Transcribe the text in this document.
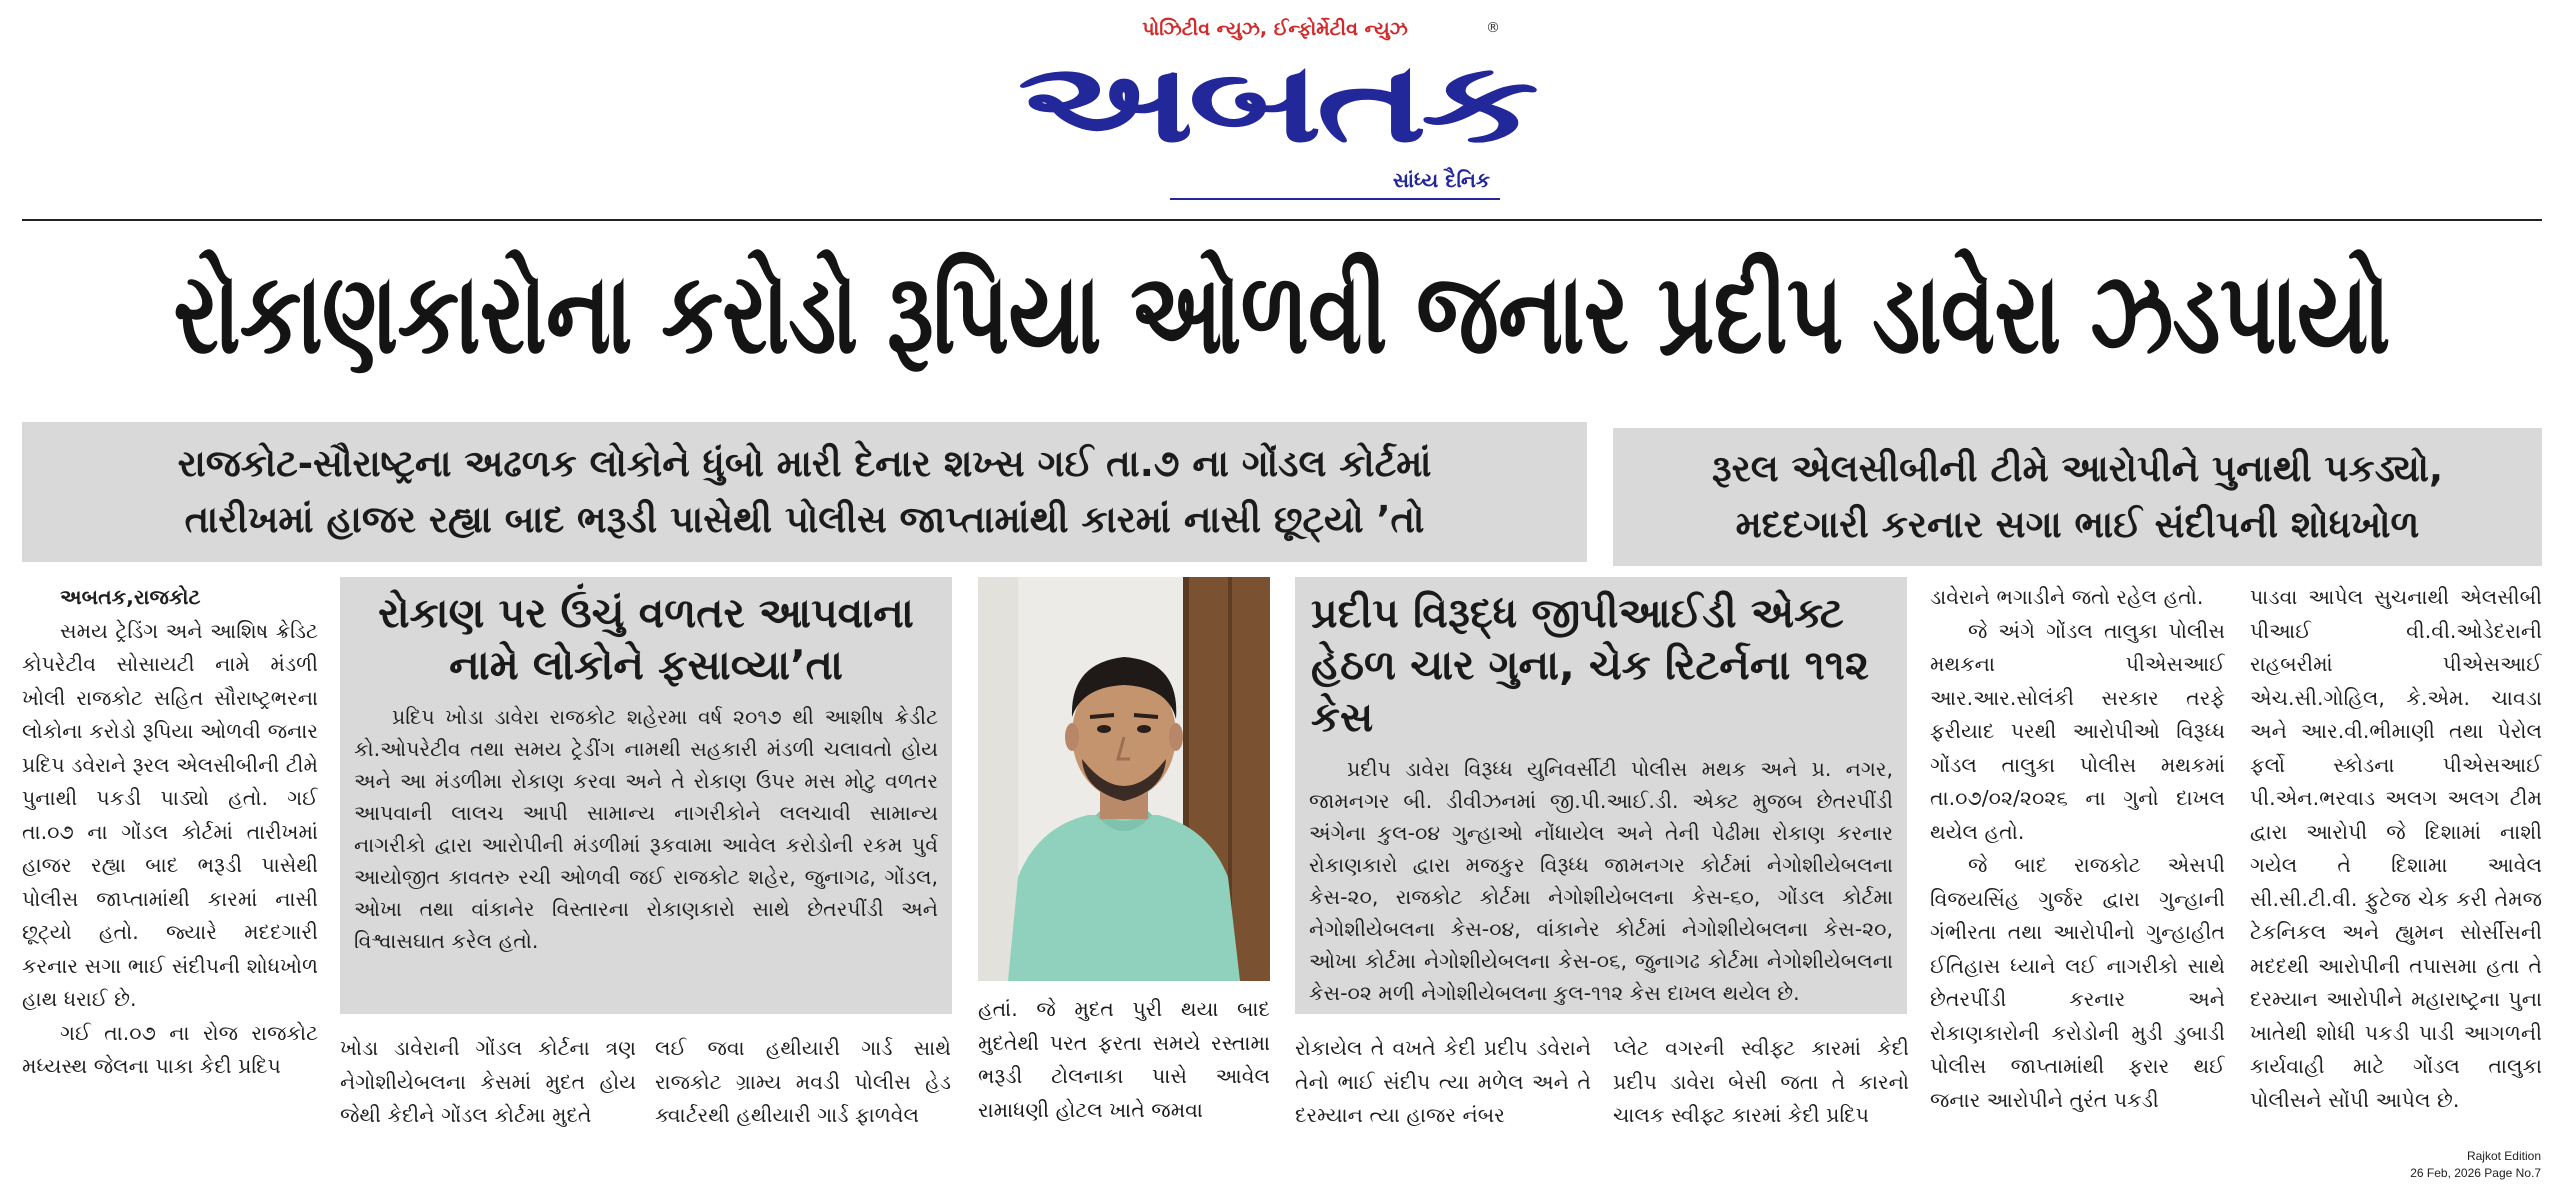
પોઝિટીવ ન્યુઝ, ઈન્ફોર્મેટીવ ન્યુઝ	®
અબતક
સાંધ્ય દૈનિક
રોકાણકારોના કરોડો રૂપિયા ઓળવી જનાર પ્રદીપ ડાવેરા ઝડપાયો
રાજકોટ-સૌરાષ્ટ્રના અઢળક લોકોને ધુંબો મારી દેનાર શખ્સ ગઈ તા.૭ ના ગોંડલ કોર્ટમાં
તારીખમાં હાજર રહ્યા બાદ ભરૂડી પાસેથી પોલીસ જાપ્તામાંથી કારમાં નાસી છૂટ્યો ’તો
રૂરલ એલસીબીની ટીમે આરોપીને પુનાથી પકડ્યો,
મદદગારી કરનાર સગા ભાઈ સંદીપની શોધખોળ

અબતક,રાજકોટ

સમય ટ્રેડિંગ અને આશિષ ક્રેડિટ કોપરેટીવ સોસાયટી નામે મંડળી ખોલી રાજકોટ સહિત સૌરાષ્ટ્રભરના લોકોના કરોડો રૂપિયા ઓળવી જનાર પ્રદિપ ડવેરાને રૂરલ એલસીબીની ટીમે પુનાથી પકડી પાડ્યો હતો. ગઈ તા.૦૭ ના ગોંડલ કોર્ટમાં તારીખમાં હાજર રહ્યા બાદ ભરૂડી પાસેથી પોલીસ જાપ્તામાંથી કારમાં નાસી છૂટ્યો હતો. જ્યારે મદદગારી કરનાર સગા ભાઈ સંદીપની શોધખોળ હાથ ધરાઈ છે.

ગઈ તા.૦૭ ના રોજ રાજકોટ મધ્યસ્થ જેલના પાકા કેદી પ્રદિપ

રોકાણ પર ઉંચું વળતર આપવાના નામે લોકોને ફસાવ્યા’તા
પ્રદિપ ખોડા ડાવેરા રાજકોટ શહેરમા વર્ષ ૨૦૧૭ થી આશીષ ક્રેડીટ કો.ઓપરેટીવ તથા સમય ટ્રેડીંગ નામથી સહકારી મંડળી ચલાવતો હોય અને આ મંડળીમા રોકાણ કરવા અને તે રોકાણ ઉપર મસ મોટુ વળતર આપવાની લાલચ આપી સામાન્ય નાગરીકોને લલચાવી સામાન્ય નાગરીકો દ્વારા આરોપીની મંડળીમાં રૂકવામા આવેલ કરોડોની રકમ પુર્વ આયોજીત કાવતરુ રચી ઓળવી જઈ રાજકોટ શહેર, જુનાગઢ, ગોંડલ, ઓખા તથા વાંકાનેર વિસ્તારના રોકાણકારો સાથે છેતરપીંડી અને વિશ્વાસઘાત કરેલ હતો.

ખોડા ડાવેરાની ગોંડલ કોર્ટના ત્રણ નેગોશીયેબલના કેસમાં મુદત હોય જેથી કેદીને ગોંડલ કોર્ટમા મુદતે

લઈ જવા હથીયારી ગાર્ડ સાથે રાજકોટ ગ્રામ્ય મવડી પોલીસ હેડ ક્વાર્ટરથી હથીયારી ગાર્ડ ફાળવેલ

હતાં. જે મુદત પુરી થયા બાદ મુદતેથી પરત ફરતા સમયે રસ્તામા ભરૂડી ટોલનાકા પાસે આવેલ રામાધણી હોટલ ખાતે જમવા

પ્રદીપ વિરૂદ્ધ જીપીઆઈડી એક્ટ હેઠળ ચાર ગુના, ચેક રિટર્નના ૧૧૨ કેસ
પ્રદીપ ડાવેરા વિરૂધ્ધ યુનિવર્સીટી પોલીસ મથક અને પ્ર. નગર, જામનગર બી. ડીવીઝનમાં જી.પી.આઈ.ડી. એક્ટ મુજબ છેતરપીંડી અંગેના કુલ-૦૪ ગુન્હાઓ નોંધાયેલ અને તેની પેઢીમા રોકાણ કરનાર રોકાણકારો દ્વારા મજકુર વિરૂધ્ધ જામનગર કોર્ટમાં નેગોશીયેબલના કેસ-૨૦, રાજકોટ કોર્ટમા નેગોશીયેબલના કેસ-૬૦, ગોંડલ કોર્ટમા નેગોશીયેબલના કેસ-૦૪, વાંકાનેર કોર્ટમાં નેગોશીયેબલના કેસ-૨૦, ઓખા કોર્ટમા નેગોશીયેબલના કેસ-૦૬, જુનાગઢ કોર્ટમા નેગોશીયેબલના કેસ-૦૨ મળી નેગોશીયેબલના કુલ-૧૧૨ કેસ દાખલ થયેલ છે.

રોકાયેલ તે વખતે કેદી પ્રદીપ ડવેરાને તેનો ભાઈ સંદીપ ત્યા મળેલ અને તે દરમ્યાન ત્યા હાજર નંબર

પ્લેટ વગરની સ્વીફ્ટ કારમાં કેદી પ્રદીપ ડાવેરા બેસી જતા તે કારનો ચાલક સ્વીફ્ટ કારમાં કેદી પ્રદિપ

ડાવેરાને ભગાડીને જતો રહેલ હતો.

જે અંગે ગોંડલ તાલુકા પોલીસ મથકના પીએસઆઈ આર.આર.સોલંકી સરકાર તરફે ફરીયાદ પરથી આરોપીઓ વિરૂધ્ધ ગોંડલ તાલુકા પોલીસ મથકમાં તા.૦૭/૦૨/૨૦૨૬ ના ગુનો દાખલ થયેલ હતો.

જે બાદ રાજકોટ એસપી વિજયસિંહ ગુર્જર દ્વારા ગુન્હાની ગંભીરતા તથા આરોપીનો ગુન્હાહીત ઈતિહાસ ધ્યાને લઈ નાગરીકો સાથે છેતરપીંડી કરનાર અને રોકાણકારોની કરોડોની મુડી ડુબાડી પોલીસ જાપ્તામાંથી ફરાર થઈ જનાર આરોપીને તુરંત પકડી

પાડવા આપેલ સુચનાથી એલસીબી પીઆઈ વી.વી.ઓડેદરાની રાહબરીમાં પીએસઆઈ એચ.સી.ગોહિલ, કે.એમ. ચાવડા અને આર.વી.ભીમાણી તથા પેરોલ ફર્લો સ્કોડના પીએસઆઈ પી.એન.ભરવાડ અલગ અલગ ટીમ દ્વારા આરોપી જે દિશામાં નાશી ગયેલ તે દિશામા આવેલ સી.સી.ટી.વી. ફુટેજ ચેક કરી તેમજ ટેકનિકલ અને હ્યુમન સોર્સીસની મદદથી આરોપીની તપાસમા હતા તે દરમ્યાન આરોપીને મહારાષ્ટ્રના પુના ખાતેથી શોધી પકડી પાડી આગળની કાર્યવાહી માટે ગોંડલ તાલુકા પોલીસને સોંપી આપેલ છે.

Rajkot Edition
26 Feb, 2026 Page No.7
